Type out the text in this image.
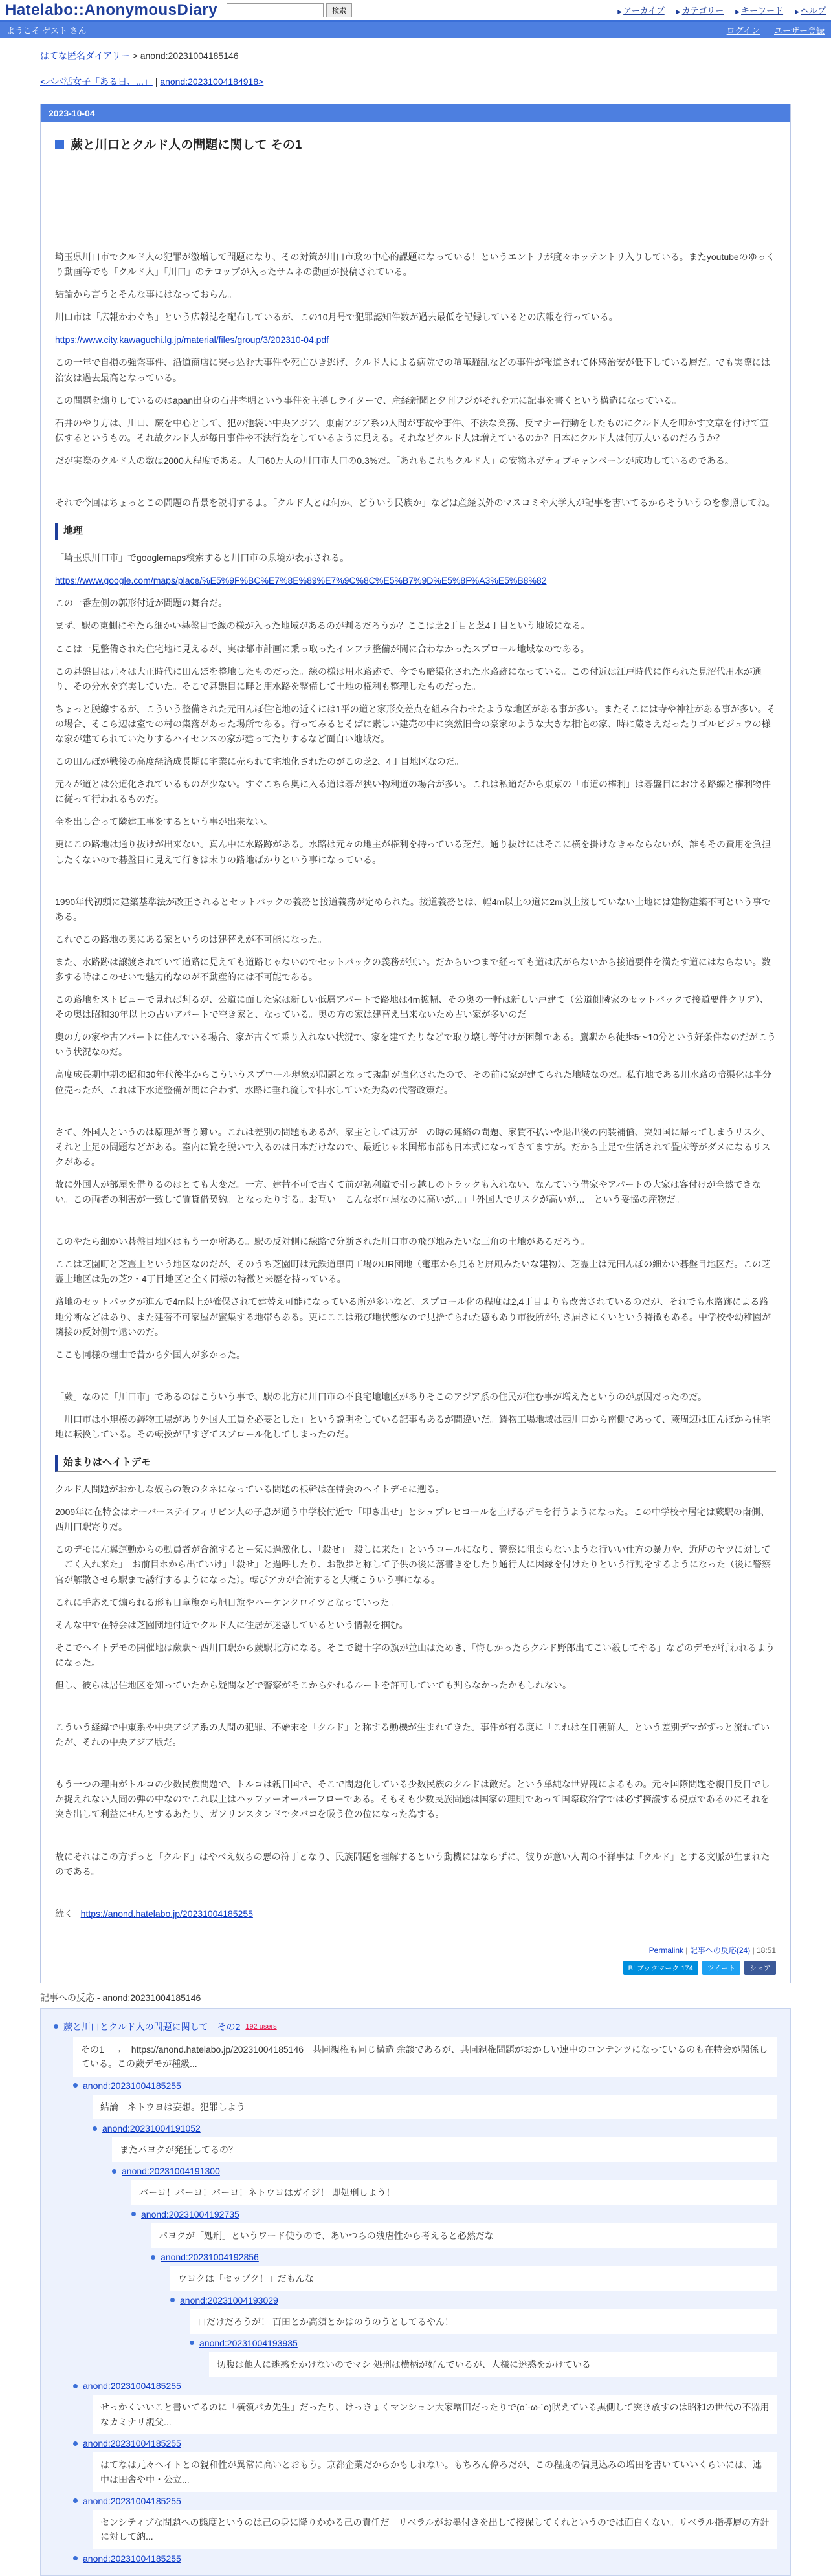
Hatelabo::AnonymousDiary	検索	▶ アーカイブ ▶ カテゴリー ▶ キーワード ▶ ヘルプ
ようこそ ゲスト さん	ログイン ユーザー登録
はてな匿名ダイアリー > anond:20231004185146
<パパ活女子「ある日、...」 | anond:20231004184918>
2023-10-04
蕨と川口とクルド人の問題に関して その1

埼玉県川口市でクルド人の犯罪が激増して問題になり、その対策が川口市政の中心的課題になっている！というエントリが度々ホッテントリ入りしている。またyoutubeのゆっくり動画等でも「クルド人」「川口」のテロップが入ったサムネの動画が投稿されている。

結論から言うとそんな事にはなっておらん。

川口市は「広報かわぐち」という広報誌を配布しているが、この10月号で犯罪認知件数が過去最低を記録しているとの広報を行っている。

https://www.city.kawaguchi.lg.jp/material/files/group/3/202310-04.pdf

この一年で自損の強盗事件、沿道商店に突っ込む大事件や死亡ひき逃げ、クルド人による病院での喧嘩騒乱などの事件が報道されて体感治安が低下している層だ。でも実際には治安は過去最高となっている。

この問題を煽りしているのはapan出身の石井孝明という事件を主導しライターで、産経新聞と夕刊フジがそれを元に記事を書くという構造になっている。

石井のやり方は、川口、蕨を中心として、犯の池袋い中央アジア、東南アジア系の人間が事故や事件、不法な業務、反マナー行動をしたものにクルド人を叩かす文章を付けて宣伝するというもの。それ故クルド人が毎日事件や不法行為をしているように見える。それなどクルド人は増えているのか？日本にクルド人は何万人いるのだろうか？

だが実際のクルド人の数は2000人程度である。人口60万人の川口市人口の0.3%だ。「あれもこれもクルド人」の安物ネガティブキャンペーンが成功しているのである。

それで今回はちょっとこの問題の背景を説明するよ。「クルド人とは何か、どういう民族か」などは産経以外のマスコミや大学人が記事を書いてるからそういうのを参照してね。

地理

「埼玉県川口市」でgooglemaps検索すると川口市の県境が表示される。

https://www.google.com/maps/place/%E5%9F%BC%E7%8E%89%E7%9C%8C%E5%B7%9D%E5%8F%A3%E5%B8%82

この一番左側の郭形付近が問題の舞台だ。

まず、駅の東側にやたら細かい碁盤目で線の様が入った地域があるのが判るだろうか？ここは芝2丁目と芝4丁目という地域になる。

ここは一見整備された住宅地に見えるが、実は都市計画に乗っ取ったインフラ整備が間に合わなかったスプロール地域なのである。

この碁盤目は元々は大正時代に田んぼを整地したものだった。線の様は用水路跡で、今でも暗渠化された水路跡になっている。この付近は江戸時代に作られた見沼代用水が通り、その分水を充実していた。そこで碁盤目に畔と用水路を整備して土地の権利も整理したものだった。

ちょっと脱線するが、こういう整備された元田んぼ住宅地の近くには1平の道と家形交差点を組み合わせたような地区がある事が多い。またそこには寺や神社がある事が多い。その場合、そこら辺は室での村の集落があった場所である。行ってみるとそばに素しい建売の中に突然旧舎の豪家のような大きな相宅の家、時に蔵さえだったりゴルビジュウの様な家が建てられていたりするハイセンスの家が建ってたりするなど面白い地域だ。

この田んぼが戦後の高度経済成長期に宅業に売られて宅地化されたのがこの芝2、4丁目地区なのだ。

元々が道とは公道化されているものが少ない。すぐこちら奥に入る道は碁が狭い物利道の場合が多い。これは私道だから東京の「市道の権利」は碁盤目における路線と権利物件に従って行われるものだ。

全を出し合って隣建工事をするという事が出来ない。

更にこの路地は通り抜けが出来ない。真ん中に水路跡がある。水路は元々の地主が権利を持っている芝だ。通り抜けにはそこに横を掛けなきゃならないが、誰もその費用を負担したくないので碁盤目に見えて行きは未りの路地ばかりという事になっている。

1990年代初頭に建築基準法が改正されるとセットバックの義務と接道義務が定められた。接道義務とは、幅4m以上の道に2m以上接していない土地には建物建築不可という事である。

これでこの路地の奥にある家というのは建替えが不可能になった。

また、水路跡は譲渡されていて道路に見えても道路じゃないのでセットバックの義務が無い。だからいつまで経っても道は広がらないから接道要件を満たす道にはならない。数多する時はこのせいで魅力的なのが不動産的には不可能である。

この路地をストビューで見れば判るが、公道に面した家は新しい低層アパートで路地は4m拡幅、その奥の一軒は新しい戸建て（公道側隣家のセットバックで接道要件クリア）、その奥は昭和30年以上の古いアパートで空き家と、なっている。奥の方の家は建替え出来ないため古い家が多いのだ。

奥の方の家や古アパートに住んでいる場合、家が古くて乗り入れない状況で、家を建てたりなどで取り壊し等付けが困難である。鷹駅から徒歩5〜10分という好条件なのだがこういう状況なのだ。

高度成長期中期の昭和30年代後半からこういうスプロール現象が問題となって規制が強化されたので、その前に家が建てられた地域なのだ。私有地である用水路の暗渠化は半分位売ったが、これは下水道整備が間に合わず、水路に垂れ流しで排水していた为為の代替政策だ。

さて、外国人というのは原理が背り難い。これは差別の問題もあるが、家主としては万が一の時の連絡の問題、家賃不払いや退出後の内装補償、突如国に帰ってしまうリスク、それと土足の問題などがある。室内に靴を脱いで入るのは日本だけなので、最近じゃ米国都市部も日本式になってきてますが。だから土足で生活されて畳床等がダメになるリスクがある。

故に外国人が部屋を借りるのはとても大変だ。一方、建替不可で古くて前が初利道で引っ越しのトラックも入れない、なんていう借家やアパートの大家は客付けが全然できない。この両者の利害が一致して賃貸借契約。となったりする。お互い「こんなボロ屋なのに高いが…」「外国人でリスクが高いが…」という妥協の産物だ。

このやたら細かい碁盤目地区はもう一か所ある。駅の反対側に線路で分断された川口市の飛び地みたいな三角の土地があるだろう。

ここは芝園町と芝霊土という地区なのだが、そのうち芝園町は元鉄道車両工場のUR団地（竃車から見ると屏風みたいな建物）、芝霊土は元田んぼの細かい碁盤目地区だ。この芝霊土地区は先の芝2・4丁目地区と全く同様の特徴と来歴を持っている。

路地のセットバックが進んで4m以上が確保されて建替え可能になっている所が多いなど、スプロール化の程度は2,4丁目よりも改善されているのだが、それでも水路跡による路地分断などはあり、また建替不可家屋が蜜集する地帯もある。更にここは飛び地状態なので見捨てられた感もあり市役所が付き届きにくいという特徴もある。中学校や幼稚園が隣接の反対側で遠いのだ。

ここも同様の理由で昔から外国人が多かった。

「蕨」なのに「川口市」であるのはこういう事で、駅の北方に川口市の不良宅地地区がありそこのアジア系の住民が住む事が増えたというのが原因だったのだ。

「川口市は小規模の鋳物工場があり外国人工員を必要とした」という説明をしている記事もあるが間違いだ。鋳物工場地域は西川口から南側であって、蕨周辺は田んぼから住宅地に転換している。その転換が早すぎてスプロール化してしまったのだ。

始まりはヘイトデモ

クルド人問題がおかしな奴らの飯のタネになっている問題の根幹は在特会のヘイトデモに遡る。

2009年に在特会はオーバーステイフィリピン人の子息が通う中学校付近で「叩き出せ」とシュプレヒコールを上げるデモを行うようになった。この中学校や居宅は蕨駅の南側、西川口駅寄りだ。

このデモに左翼運動からの動員者が合流するとー気に過激化し、「殺せ」「殺しに来た」というコールになり、警察に阻まらないような行いい仕方の暴力や、近所のヤツに対して「ごく入れ来た」「お前目ホから出ていけ」「殺せ」と過呼したり、お散歩と称して子供の後に落書きをしたり通行人に因縁を付けたりという行動をするようになった（後に警察官が解散させら駅まで誘行するようになった）。転びアカが合流すると大概こういう事になる。

これに手応えて煽られる形も日章旗から旭日旗やハーケンクロイツとなっていった。

そんな中で在特会は芝園団地付近でクルド人に住居が迷惑しているという情報を掴む。

そこでヘイトデモの開催地は蕨駅〜西川口駅から蕨駅北方になる。そこで鍵十字の旗が並山はためき、「悔しかったらクルド野郎出てこい殺してやる」などのデモが行われるようになった。

但し、彼らは居住地区を知っていたから疑問などで警察がそこから外れるルートを許可していても判らなかったかもしれない。

こういう経緯で中東系や中央アジア系の人間の犯罪、不始末を「クルド」と称する動機が生まれてきた。事件が有る度に「これは在日朝鮮人」という差別デマがずっと流れていたが、それの中央アジア版だ。

もう一つの理由がトルコの少数民族問題で、トルコは親日国で、そこで問題化している少数民族のクルドは敵だ。という単純な世界観によるもの。元々国際問題を親日反日でしか捉えれない人間の弾の中なのでこれ以上はハッファーオーバーフローである。そもそも少数民族問題は国家の理則であって国際政治学では必ず擁護する視点であるのにそれを突き出して利益にせんとするあたり、ガソリンスタンドでタバコを吸う位の位になった為する。

故にそれはこの方ずっと「クルド」はやべえ奴らの悪の符丁となり、民族問題を理解するという動機にはならずに、彼りが意い人間の不祥事は「クルド」とする文脈が生まれたのである。

続く https://anond.hatelabo.jp/20231004185255

Permalink | 記事への反応(24) | 18:51
B! ブックマーク 174	ツイート	シェア
記事への反応 - anond:20231004185146
蕨と川口とクルド人の問題に関して　その2 192 users
その1　→　https://anond.hatelabo.jp/20231004185146　共同親権も同じ構造 余談であるが、共同親権問題がおかしい連中のコンテンツになっているのも在特会が関係している。この蕨デモが種級...
anond:20231004185255
結論　ネトウヨは妄想。犯罪しよう
anond:20231004191052
またパヨクが発狂してるの？
anond:20231004191300
パーヨ！パーヨ！パーヨ！ネトウヨはガイジ！ 即処刑しよう！
anond:20231004192735
パヨクが「処刑」というワード使うので、あいつらの残虐性から考えると必然だな
anond:20231004192856
ウヨクは「セップク！」だもんな
anond:20231004193029
口だけだろうが！ 百田とか高須とかはのうのうとしてるやん！
anond:20231004193935
切腹は他人に迷惑をかけないのでマシ 処刑は横柄が好んでいるが、人様に迷惑をかけている
anond:20231004185255
せっかくいいこと書いてるのに「横領パカ先生」だったり、けっきょくマンション大家増田だったりで(o´-ω-`o)吠えている黒側して突き放すのは昭和の世代の不器用なカミナリ親父...
anond:20231004185255
はてなは元々ヘイトとの親和性が異常に高いとおもう。京都企業だからかもしれない。もちろん偉ろだが、この程度の偏見込みの増田を書いていいくらいには、連中は田舎や中・公立...
anond:20231004185255
センシティブな問題への態度というのは己の身に降りかかる己の責任だ。リベラルがお墨付きを出して授保してくれというのでは面白くない。リベラル指導層の方針に対して納...
anond:20231004185255
